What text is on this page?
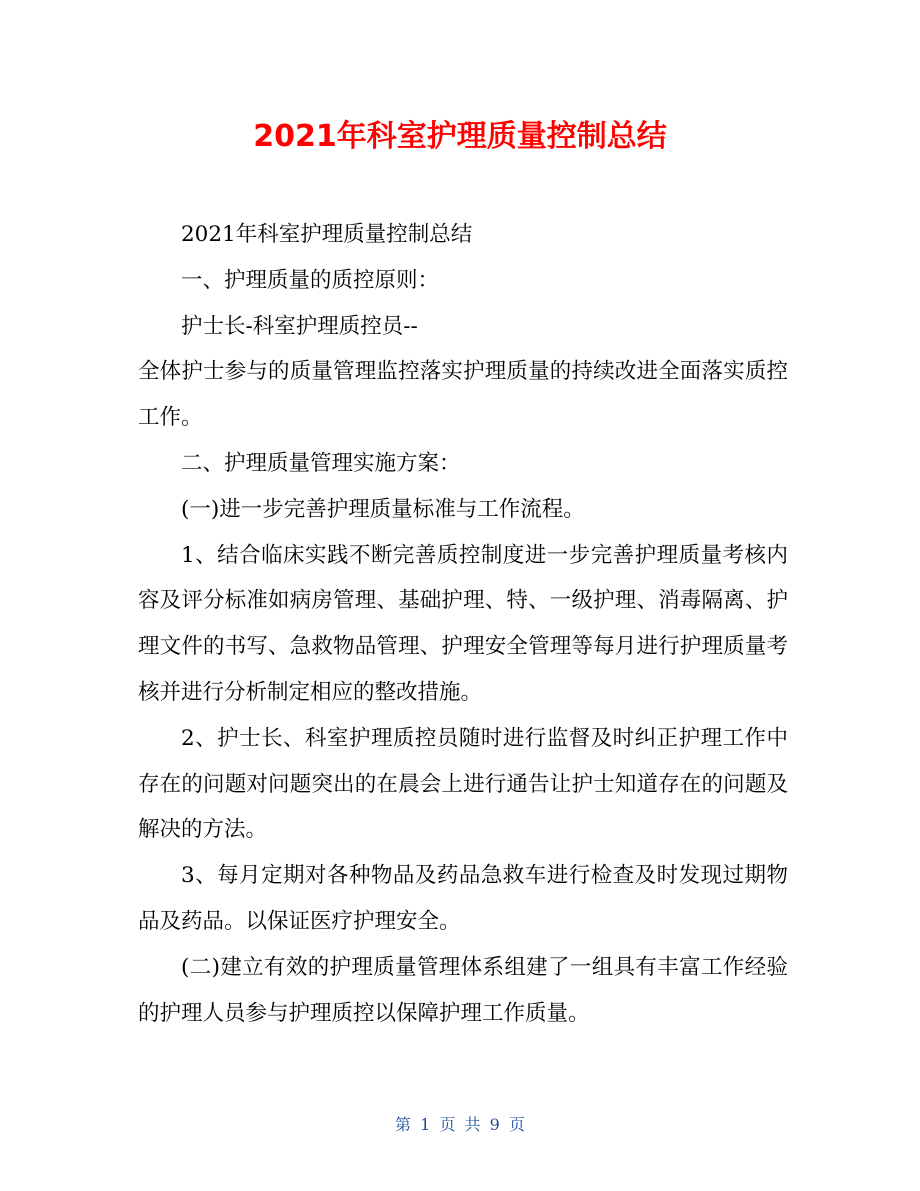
2021年科室护理质量控制总结

2021年科室护理质量控制总结

一、护理质量的质控原则：

护士长-科室护理质控员--

全体护士参与的质量管理监控落实护理质量的持续改进全面落实质控工作。

二、护理质量管理实施方案：

(一)进一步完善护理质量标准与工作流程。

1、结合临床实践不断完善质控制度进一步完善护理质量考核内容及评分标准如病房管理、基础护理、特、一级护理、消毒隔离、护理文件的书写、急救物品管理、护理安全管理等每月进行护理质量考核并进行分析制定相应的整改措施。

2、护士长、科室护理质控员随时进行监督及时纠正护理工作中存在的问题对问题突出的在晨会上进行通告让护士知道存在的问题及解决的方法。

3、每月定期对各种物品及药品急救车进行检查及时发现过期物品及药品。以保证医疗护理安全。

(二)建立有效的护理质量管理体系组建了一组具有丰富工作经验的护理人员参与护理质控以保障护理工作质量。

第 1 页 共 9 页
